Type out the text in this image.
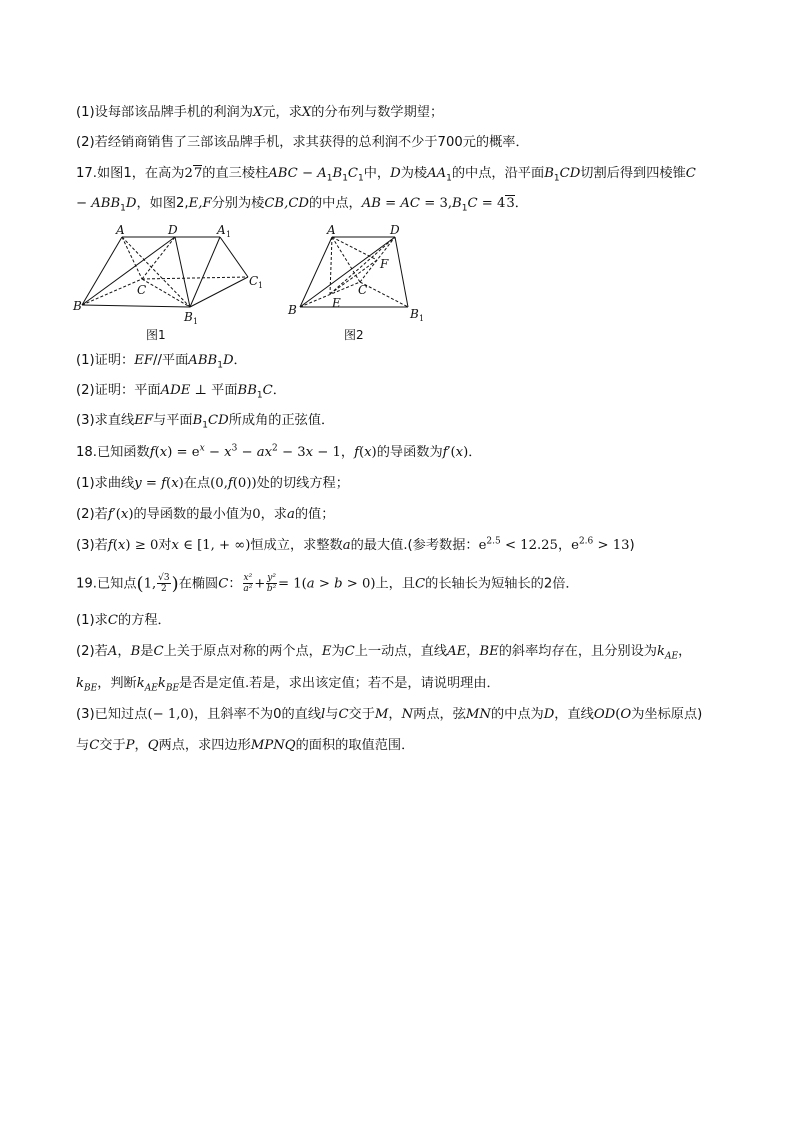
(1)设每部该品牌手机的利润为X元，求X的分布列与数学期望；
(2)若经销商销售了三部该品牌手机，求其获得的总利润不少于700元的概率．
17.如图1，在高为27的直三棱柱ABC − $A_1B_1C_1$中，D为棱$AA_1$的中点，沿平面$B_1CD$切割后得到四棱锥C
− $ABB_1D$，如图2,E,F分别为棱CB,CD的中点，AB = AC = $3,B_1C = 43$．
A	D	A 1
B
C
C 1
B 1
图1
A	D
F
C
E
B	B 1
图2
(1)证明：EF//平面$ABB_1D$．
(2)证明：平面ADE ⊥ 平面$BB_1C$．
(3)求直线EF与平面$B_1CD$所成角的正弦值．
18.已知函数$f(x) = e^x - x^3 - ax^2 - 3x - 1$，f(x)的导函数为f′(x)．
(1)求曲线y = f(x)在点(0,f(0))处的切线方程；
(2)若f′(x)的导函数的最小值为0，求a的值；
(3)若f(x) ≥ 0对x ∈ [1, + ∞)恒成立，求整数a的最大值.(参考数据：$e^{2.5} < 12.25$，$e^{2.6} > 13$)
19.已知点(1, $\frac{√3}{2}$ )在椭圆C： $\frac{\text{x²}}{\text{a²}} + \frac{\text{y²}}{\text{b²}} = 1(a > b > 0)$上，且C的长轴长为短轴长的2倍．
(1)求C的方程．
(2)若A，B是C上关于原点对称的两个点，E为C上一动点，直线AE，BE的斜率均存在，且分别设为$k_{AE}$，
$k_{BE}$，判断$k_{AE}k_{BE}$是否是定值.若是，求出该定值；若不是，请说明理由．
(3)已知过点(− 1,0)，且斜率不为0的直线l与C交于M，N两点，弦MN的中点为D，直线OD(O为坐标原点)
与C交于P，Q两点，求四边形MPNQ的面积的取值范围．
